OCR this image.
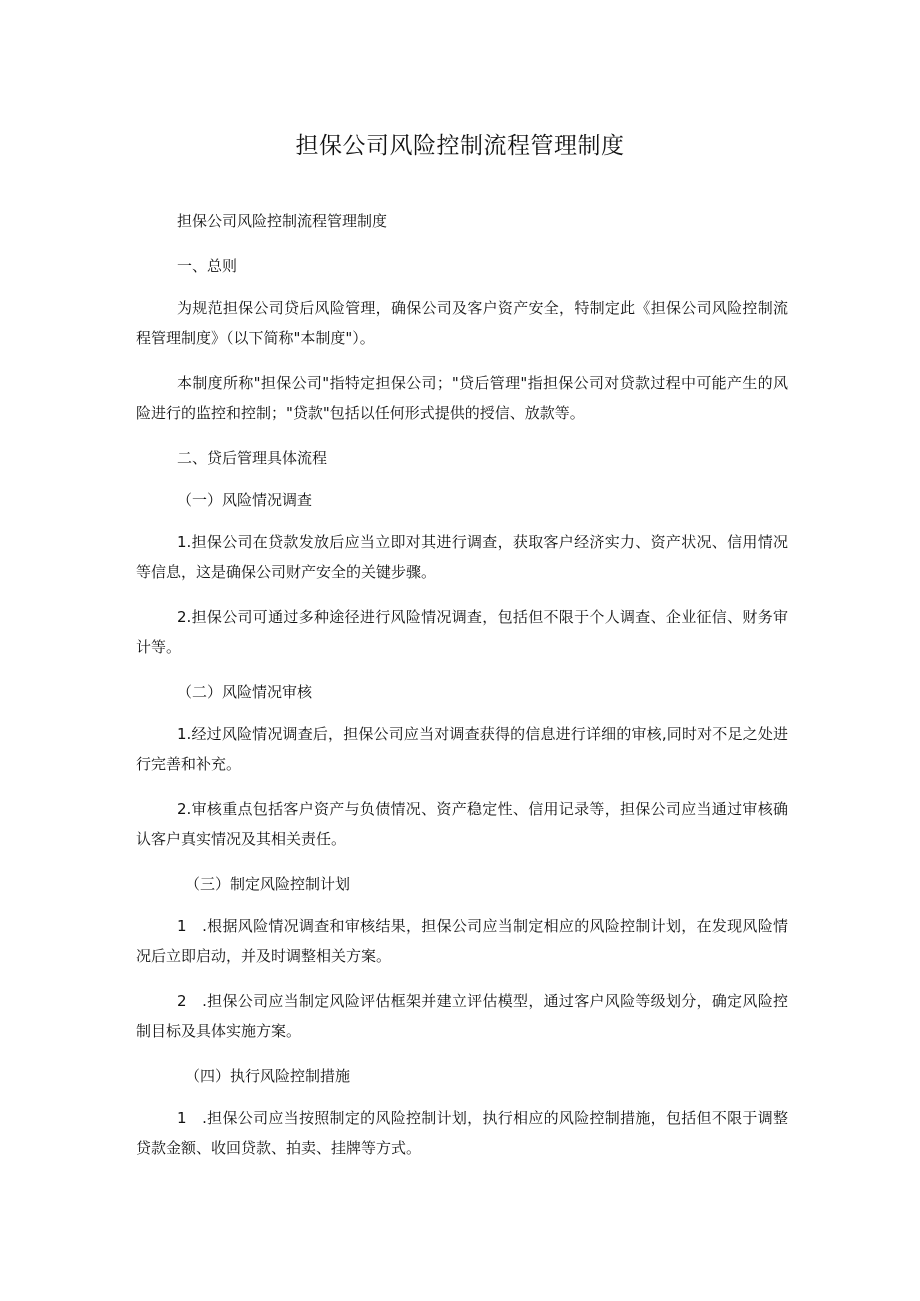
担保公司风险控制流程管理制度

担保公司风险控制流程管理制度

一、总则

为规范担保公司贷后风险管理，确保公司及客户资产安全，特制定此《担保公司风险控制流程管理制度》（以下简称"本制度"）。

本制度所称"担保公司"指特定担保公司；"贷后管理"指担保公司对贷款过程中可能产生的风险进行的监控和控制；"贷款"包括以任何形式提供的授信、放款等。

二、贷后管理具体流程

（一）风险情况调查

1.担保公司在贷款发放后应当立即对其进行调查，获取客户经济实力、资产状况、信用情况等信息，这是确保公司财产安全的关键步骤。

2.担保公司可通过多种途径进行风险情况调查，包括但不限于个人调查、企业征信、财务审计等。

（二）风险情况审核

1.经过风险情况调查后，担保公司应当对调查获得的信息进行详细的审核,同时对不足之处进行完善和补充。

2.审核重点包括客户资产与负债情况、资产稳定性、信用记录等，担保公司应当通过审核确认客户真实情况及其相关责任。

（三）制定风险控制计划

1　.根据风险情况调查和审核结果，担保公司应当制定相应的风险控制计划，在发现风险情况后立即启动，并及时调整相关方案。

2　.担保公司应当制定风险评估框架并建立评估模型，通过客户风险等级划分，确定风险控制目标及具体实施方案。

（四）执行风险控制措施

1　.担保公司应当按照制定的风险控制计划，执行相应的风险控制措施，包括但不限于调整贷款金额、收回贷款、拍卖、挂牌等方式。
